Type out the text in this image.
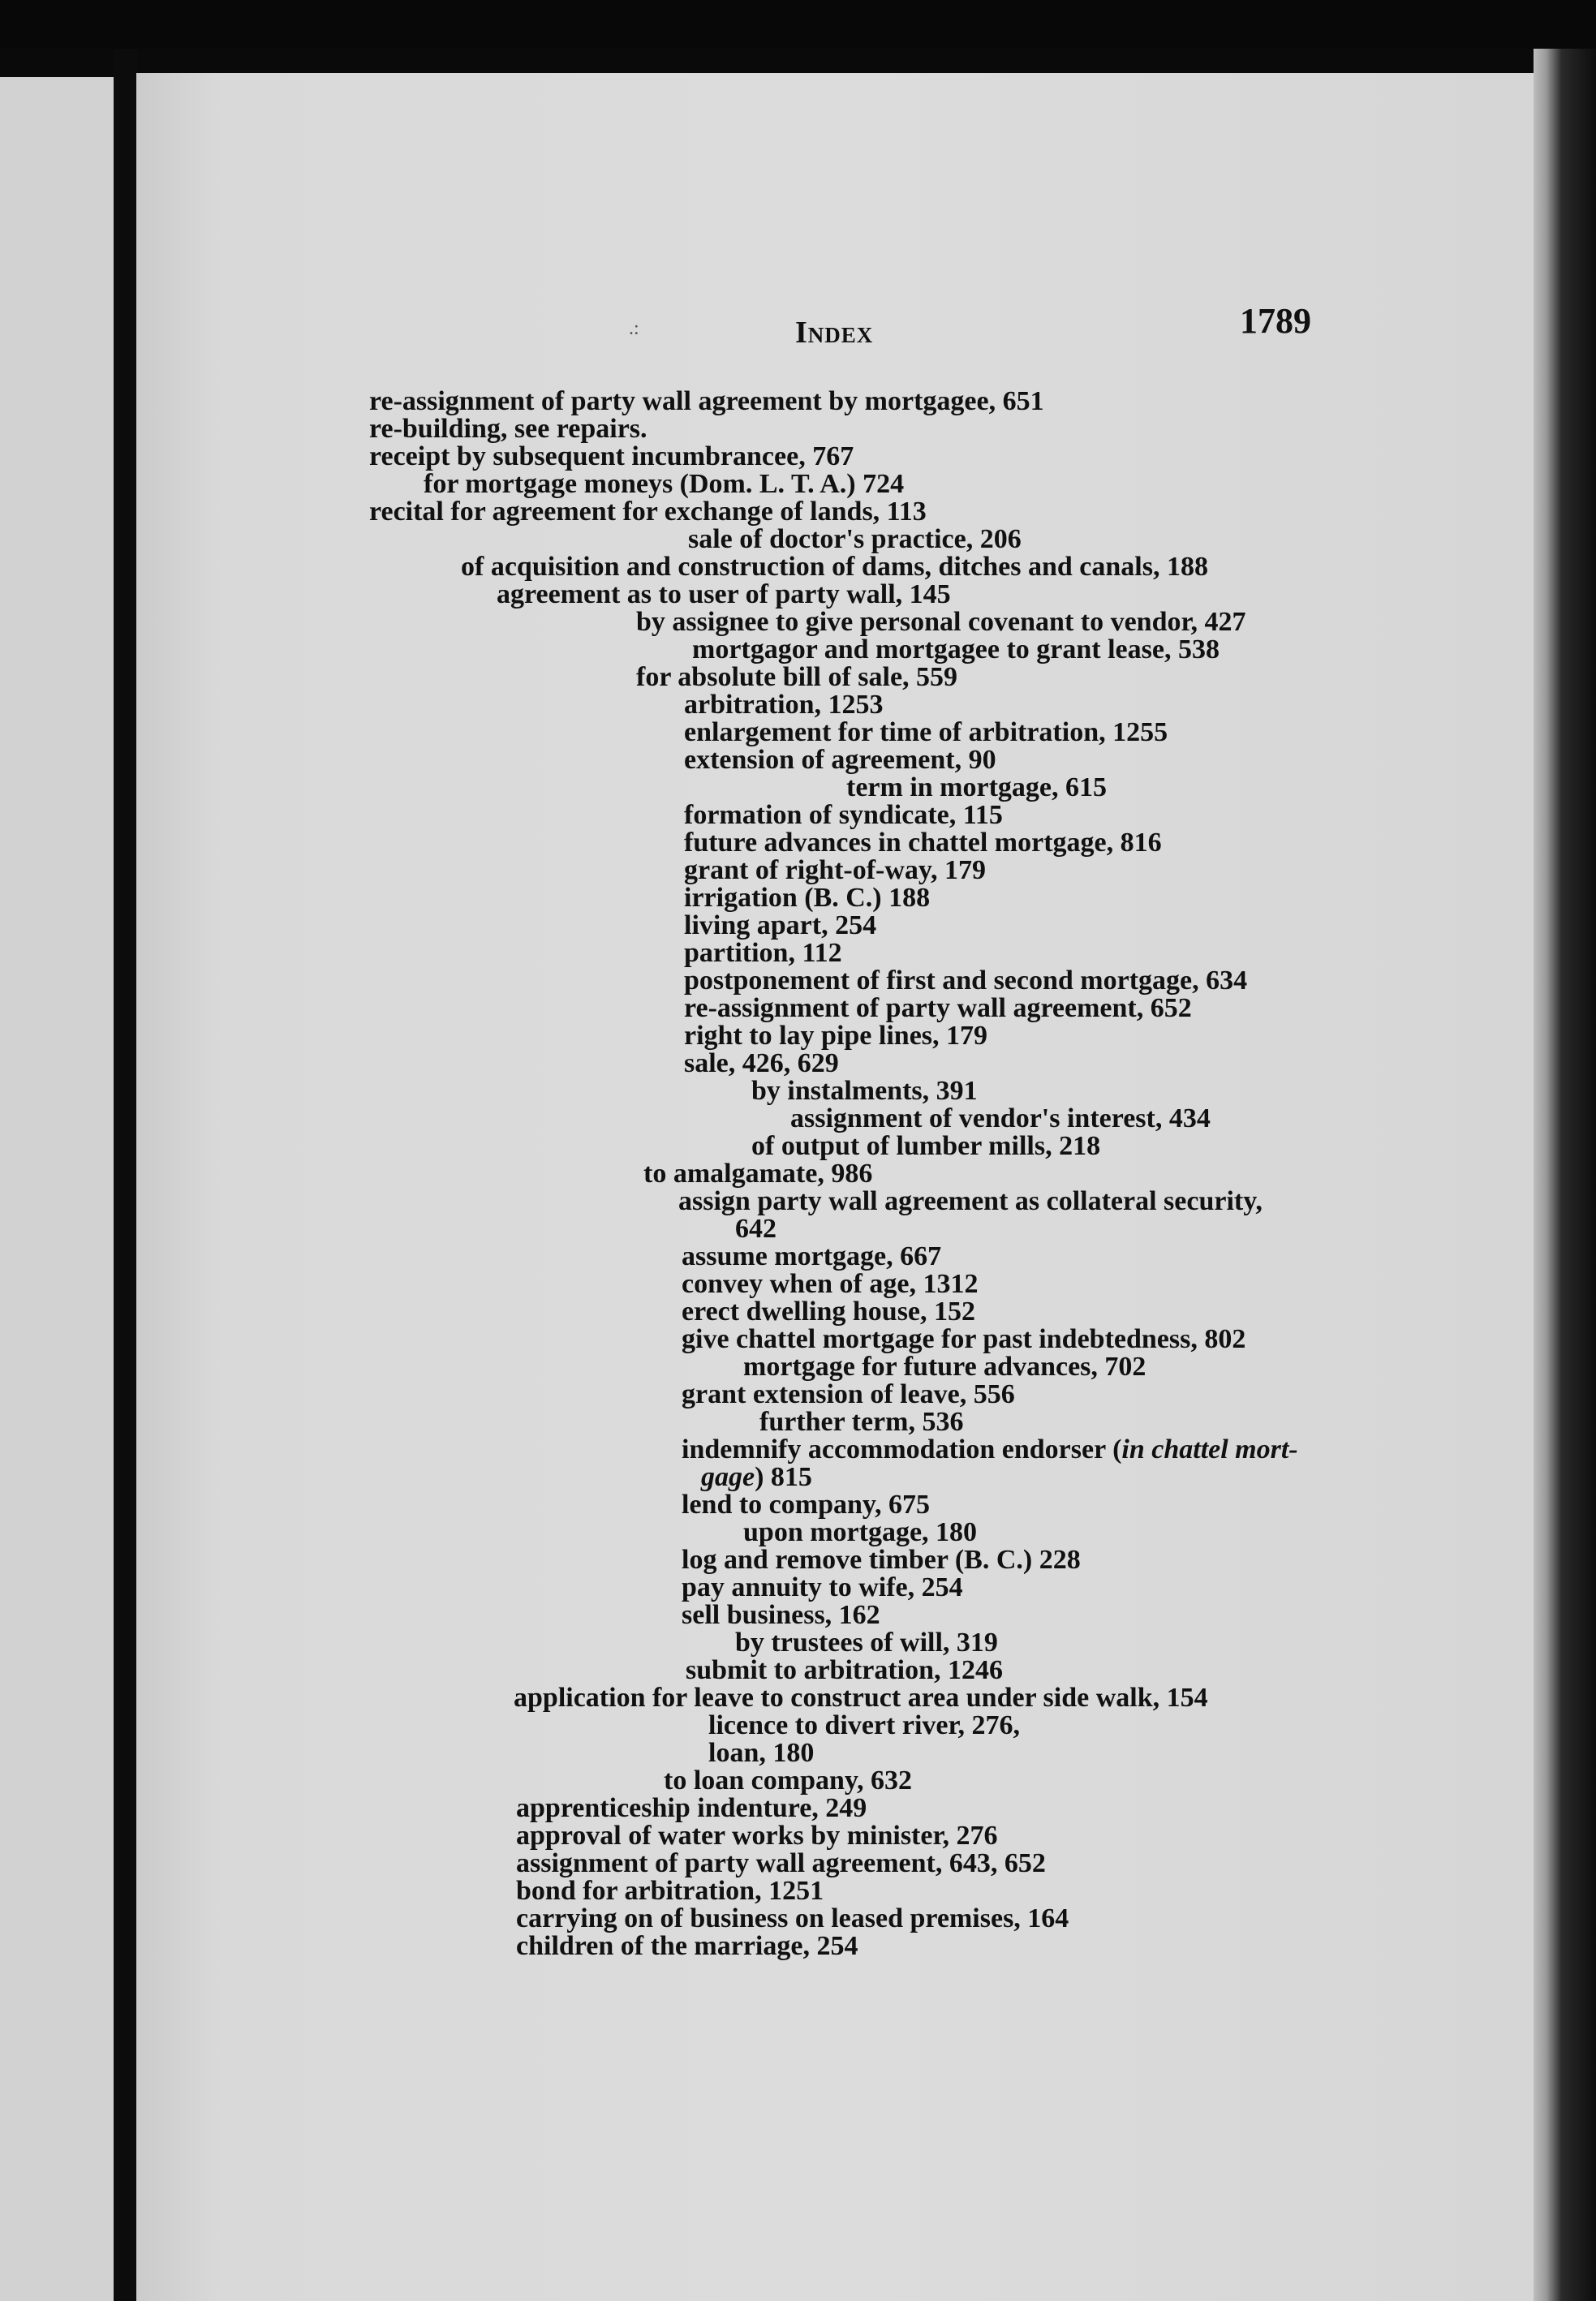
.:	Index	1789
re-assignment of party wall agreement by mortgagee, 651
re-building, see repairs.
receipt by subsequent incumbrancee, 767
for mortgage moneys (Dom. L. T. A.) 724
recital for agreement for exchange of lands, 113
sale of doctor's practice, 206
of acquisition and construction of dams, ditches and canals, 188
agreement as to user of party wall, 145
by assignee to give personal covenant to vendor, 427
mortgagor and mortgagee to grant lease, 538
for absolute bill of sale, 559
arbitration, 1253
enlargement for time of arbitration, 1255
extension of agreement, 90
term in mortgage, 615
formation of syndicate, 115
future advances in chattel mortgage, 816
grant of right-of-way, 179
irrigation (B. C.) 188
living apart, 254
partition, 112
postponement of first and second mortgage, 634
re-assignment of party wall agreement, 652
right to lay pipe lines, 179
sale, 426, 629
by instalments, 391
assignment of vendor's interest, 434
of output of lumber mills, 218
to amalgamate, 986
assign party wall agreement as collateral security,
642
assume mortgage, 667
convey when of age, 1312
erect dwelling house, 152
give chattel mortgage for past indebtedness, 802
mortgage for future advances, 702
grant extension of leave, 556
further term, 536
indemnify accommodation endorser (in chattel mort-
gage) 815
lend to company, 675
upon mortgage, 180
log and remove timber (B. C.) 228
pay annuity to wife, 254
sell business, 162
by trustees of will, 319
submit to arbitration, 1246
application for leave to construct area under side walk, 154
licence to divert river, 276,
loan, 180
to loan company, 632
apprenticeship indenture, 249
approval of water works by minister, 276
assignment of party wall agreement, 643, 652
bond for arbitration, 1251
carrying on of business on leased premises, 164
children of the marriage, 254
